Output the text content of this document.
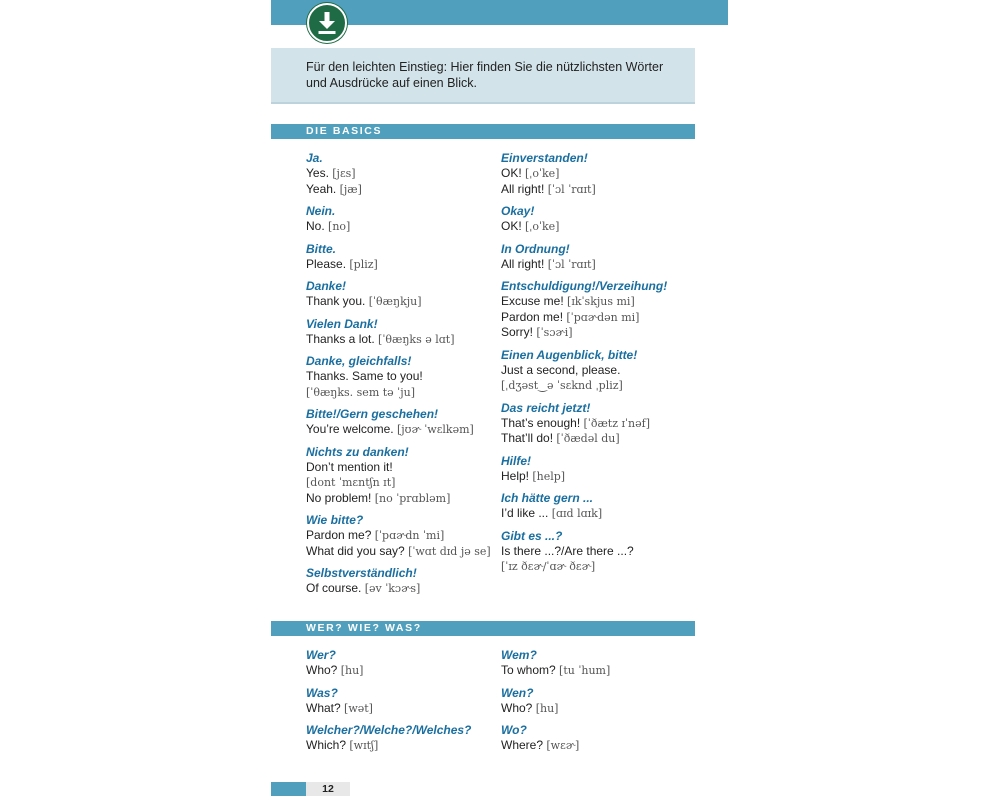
Für den leichten Einstieg: Hier finden Sie die nützlichsten Wörter und Ausdrücke auf einen Blick.

DIE BASICS
Ja.
Yes. [jɛs]
Yeah. [jæ]
Nein.
No. [no]
Bitte.
Please. [pliz]
Danke!
Thank you. [ˈθæŋkju]
Vielen Dank!
Thanks a lot. [ˈθæŋks ə lɑt]
Danke, gleichfalls!
Thanks. Same to you!
[ˈθæŋks. sem tə ˈju]
Bitte!/Gern geschehen!
You’re welcome. [jʊɚ ˈwɛlkəm]
Nichts zu danken!
Don’t mention it!
[dont ˈmɛntʃn ɪt]
No problem! [no ˈprɑbləm]
Wie bitte?
Pardon me? [ˈpɑɚdn ˈmi]
What did you say? [ˈwɑt dɪd jə se]
Selbstverständlich!
Of course. [əv ˈkɔɚs]
Einverstanden!
OK! [ˌoˈke]
All right! [ˈɔl ˈrɑɪt]
Okay!
OK! [ˌoˈke]
In Ordnung!
All right! [ˈɔl ˈrɑɪt]
Entschuldigung!/Verzeihung!
Excuse me! [ɪkˈskjus mi]
Pardon me! [ˈpɑɚdən mi]
Sorry! [ˈsɔɚi]
Einen Augenblick, bitte!
Just a second, please.
[ˌdʒəst‿ə ˈsɛknd ˌpliz]
Das reicht jetzt!
That’s enough! [ˈðætz ɪˈnəf]
That’ll do! [ˈðædəl du]
Hilfe!
Help! [help]
Ich hätte gern ...
I’d like ... [ɑɪd lɑɪk]
Gibt es ...?
Is there ...?/Are there ...?
[ˈɪz ðɛɚ/ˈɑɚ ðɛɚ]
WER? WIE? WAS?
Wer?
Who? [hu]
Was?
What? [wət]
Welcher?/Welche?/Welches?
Which? [wɪtʃ]
Wem?
To whom? [tu ˈhum]
Wen?
Who? [hu]
Wo?
Where? [wɛɚ]
12
